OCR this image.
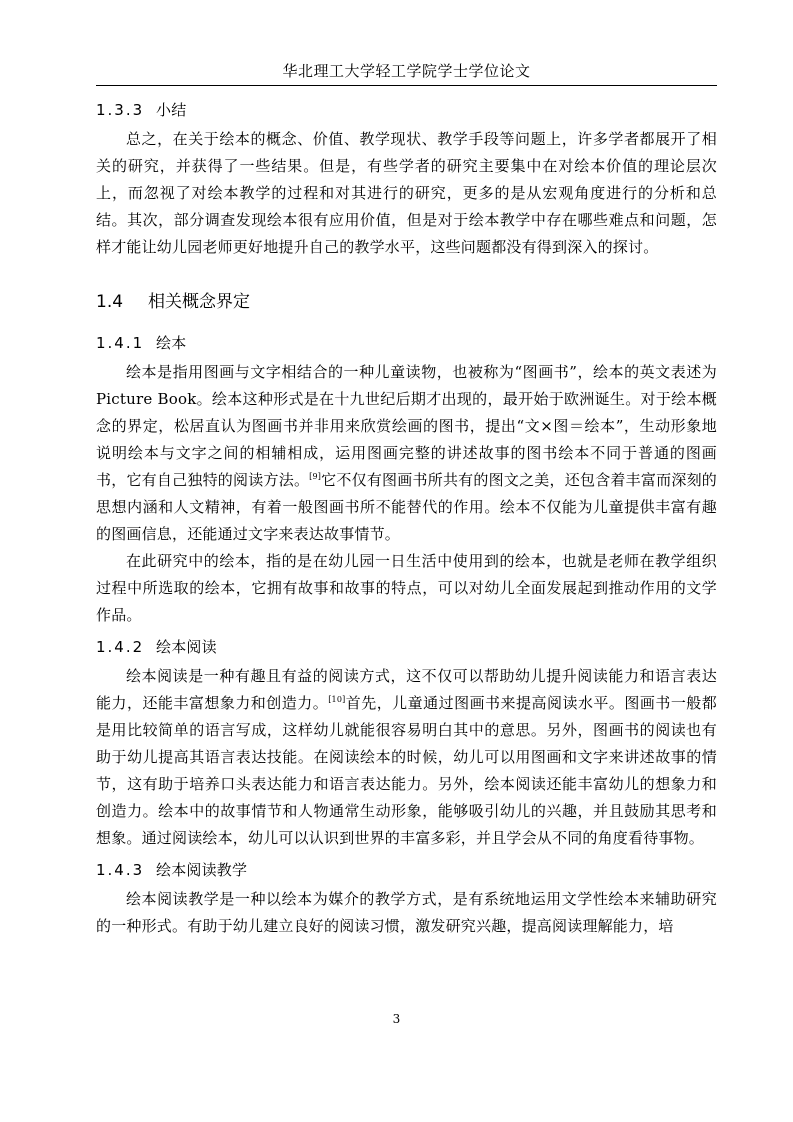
华北理工大学轻工学院学士学位论文
1.3.3 小结

总之，在关于绘本的概念、价值、教学现状、教学手段等问题上，许多学者都展开了相关的研究，并获得了一些结果。但是，有些学者的研究主要集中在对绘本价值的理论层次上，而忽视了对绘本教学的过程和对其进行的研究，更多的是从宏观角度进行的分析和总结。其次，部分调查发现绘本很有应用价值，但是对于绘本教学中存在哪些难点和问题，怎样才能让幼儿园老师更好地提升自己的教学水平，这些问题都没有得到深入的探讨。

1.4 相关概念界定
1.4.1 绘本

绘本是指用图画与文字相结合的一种儿童读物，也被称为“图画书”，绘本的英文表述为Picture Book。绘本这种形式是在十九世纪后期才出现的，最开始于欧洲诞生。对于绘本概念的界定，松居直认为图画书并非用来欣赏绘画的图书，提出“文×图＝绘本”，生动形象地说明绘本与文字之间的相辅相成，运用图画完整的讲述故事的图书绘本不同于普通的图画书，它有自己独特的阅读方法。[9]它不仅有图画书所共有的图文之美，还包含着丰富而深刻的思想内涵和人文精神，有着一般图画书所不能替代的作用。绘本不仅能为儿童提供丰富有趣的图画信息，还能通过文字来表达故事情节。

在此研究中的绘本，指的是在幼儿园一日生活中使用到的绘本，也就是老师在教学组织过程中所选取的绘本，它拥有故事和故事的特点，可以对幼儿全面发展起到推动作用的文学作品。

1.4.2 绘本阅读

绘本阅读是一种有趣且有益的阅读方式，这不仅可以帮助幼儿提升阅读能力和语言表达能力，还能丰富想象力和创造力。[10]首先，儿童通过图画书来提高阅读水平。图画书一般都是用比较简单的语言写成，这样幼儿就能很容易明白其中的意思。另外，图画书的阅读也有助于幼儿提高其语言表达技能。在阅读绘本的时候，幼儿可以用图画和文字来讲述故事的情节，这有助于培养口头表达能力和语言表达能力。另外，绘本阅读还能丰富幼儿的想象力和创造力。绘本中的故事情节和人物通常生动形象，能够吸引幼儿的兴趣，并且鼓励其思考和想象。通过阅读绘本，幼儿可以认识到世界的丰富多彩，并且学会从不同的角度看待事物。

1.4.3 绘本阅读教学

绘本阅读教学是一种以绘本为媒介的教学方式，是有系统地运用文学性绘本来辅助研究的一种形式。有助于幼儿建立良好的阅读习惯，激发研究兴趣，提高阅读理解能力，培

3
